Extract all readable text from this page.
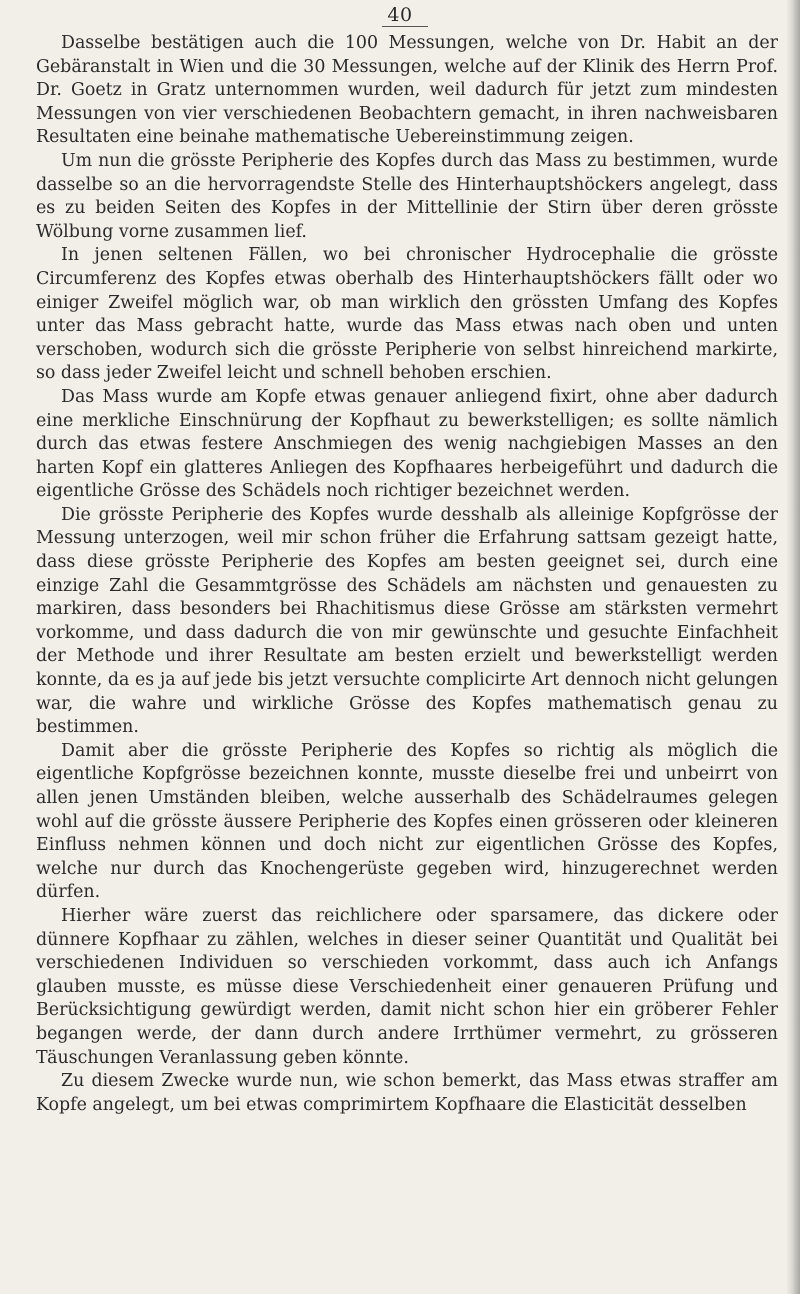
40

Dasselbe bestätigen auch die 100 Messungen, welche von Dr. Habit an der Gebäranstalt in Wien und die 30 Messungen, welche auf der Klinik des Herrn Prof. Dr. Goetz in Gratz unternommen wurden, weil dadurch für jetzt zum mindesten Messungen von vier verschiedenen Beobachtern gemacht, in ihren nachweisbaren Resultaten eine beinahe mathematische Uebereinstimmung zeigen.

Um nun die grösste Peripherie des Kopfes durch das Mass zu bestimmen, wurde dasselbe so an die hervorragendste Stelle des Hinterhauptshöckers angelegt, dass es zu beiden Seiten des Kopfes in der Mittellinie der Stirn über deren grösste Wölbung vorne zusammen lief.

In jenen seltenen Fällen, wo bei chronischer Hydrocephalie die grösste Circumferenz des Kopfes etwas oberhalb des Hinterhauptshöckers fällt oder wo einiger Zweifel möglich war, ob man wirklich den grössten Umfang des Kopfes unter das Mass gebracht hatte, wurde das Mass etwas nach oben und unten verschoben, wodurch sich die grösste Peripherie von selbst hinreichend markirte, so dass jeder Zweifel leicht und schnell behoben erschien.

Das Mass wurde am Kopfe etwas genauer anliegend fixirt, ohne aber dadurch eine merkliche Einschnürung der Kopfhaut zu bewerkstelligen; es sollte nämlich durch das etwas festere Anschmiegen des wenig nachgiebigen Masses an den harten Kopf ein glatteres Anliegen des Kopfhaares herbeigeführt und dadurch die eigentliche Grösse des Schädels noch richtiger bezeichnet werden.

Die grösste Peripherie des Kopfes wurde desshalb als alleinige Kopfgrösse der Messung unterzogen, weil mir schon früher die Erfahrung sattsam gezeigt hatte, dass diese grösste Peripherie des Kopfes am besten geeignet sei, durch eine einzige Zahl die Gesammtgrösse des Schädels am nächsten und genauesten zu markiren, dass besonders bei Rhachitismus diese Grösse am stärksten vermehrt vorkomme, und dass dadurch die von mir gewünschte und gesuchte Einfachheit der Methode und ihrer Resultate am besten erzielt und bewerkstelligt werden konnte, da es ja auf jede bis jetzt versuchte complicirte Art dennoch nicht gelungen war, die wahre und wirkliche Grösse des Kopfes mathematisch genau zu bestimmen.

Damit aber die grösste Peripherie des Kopfes so richtig als möglich die eigentliche Kopfgrösse bezeichnen konnte, musste dieselbe frei und unbeirrt von allen jenen Umständen bleiben, welche ausserhalb des Schädelraumes gelegen wohl auf die grösste äussere Peripherie des Kopfes einen grösseren oder kleineren Einfluss nehmen können und doch nicht zur eigentlichen Grösse des Kopfes, welche nur durch das Knochengerüste gegeben wird, hinzugerechnet werden dürfen.

Hierher wäre zuerst das reichlichere oder sparsamere, das dickere oder dünnere Kopfhaar zu zählen, welches in dieser seiner Quantität und Qualität bei verschiedenen Individuen so verschieden vorkommt, dass auch ich Anfangs glauben musste, es müsse diese Verschiedenheit einer genaueren Prüfung und Berücksichtigung gewürdigt werden, damit nicht schon hier ein gröberer Fehler begangen werde, der dann durch andere Irrthümer vermehrt, zu grösseren Täuschungen Veranlassung geben könnte.

Zu diesem Zwecke wurde nun, wie schon bemerkt, das Mass etwas straffer am Kopfe angelegt, um bei etwas comprimirtem Kopfhaare die Elasticität desselben
